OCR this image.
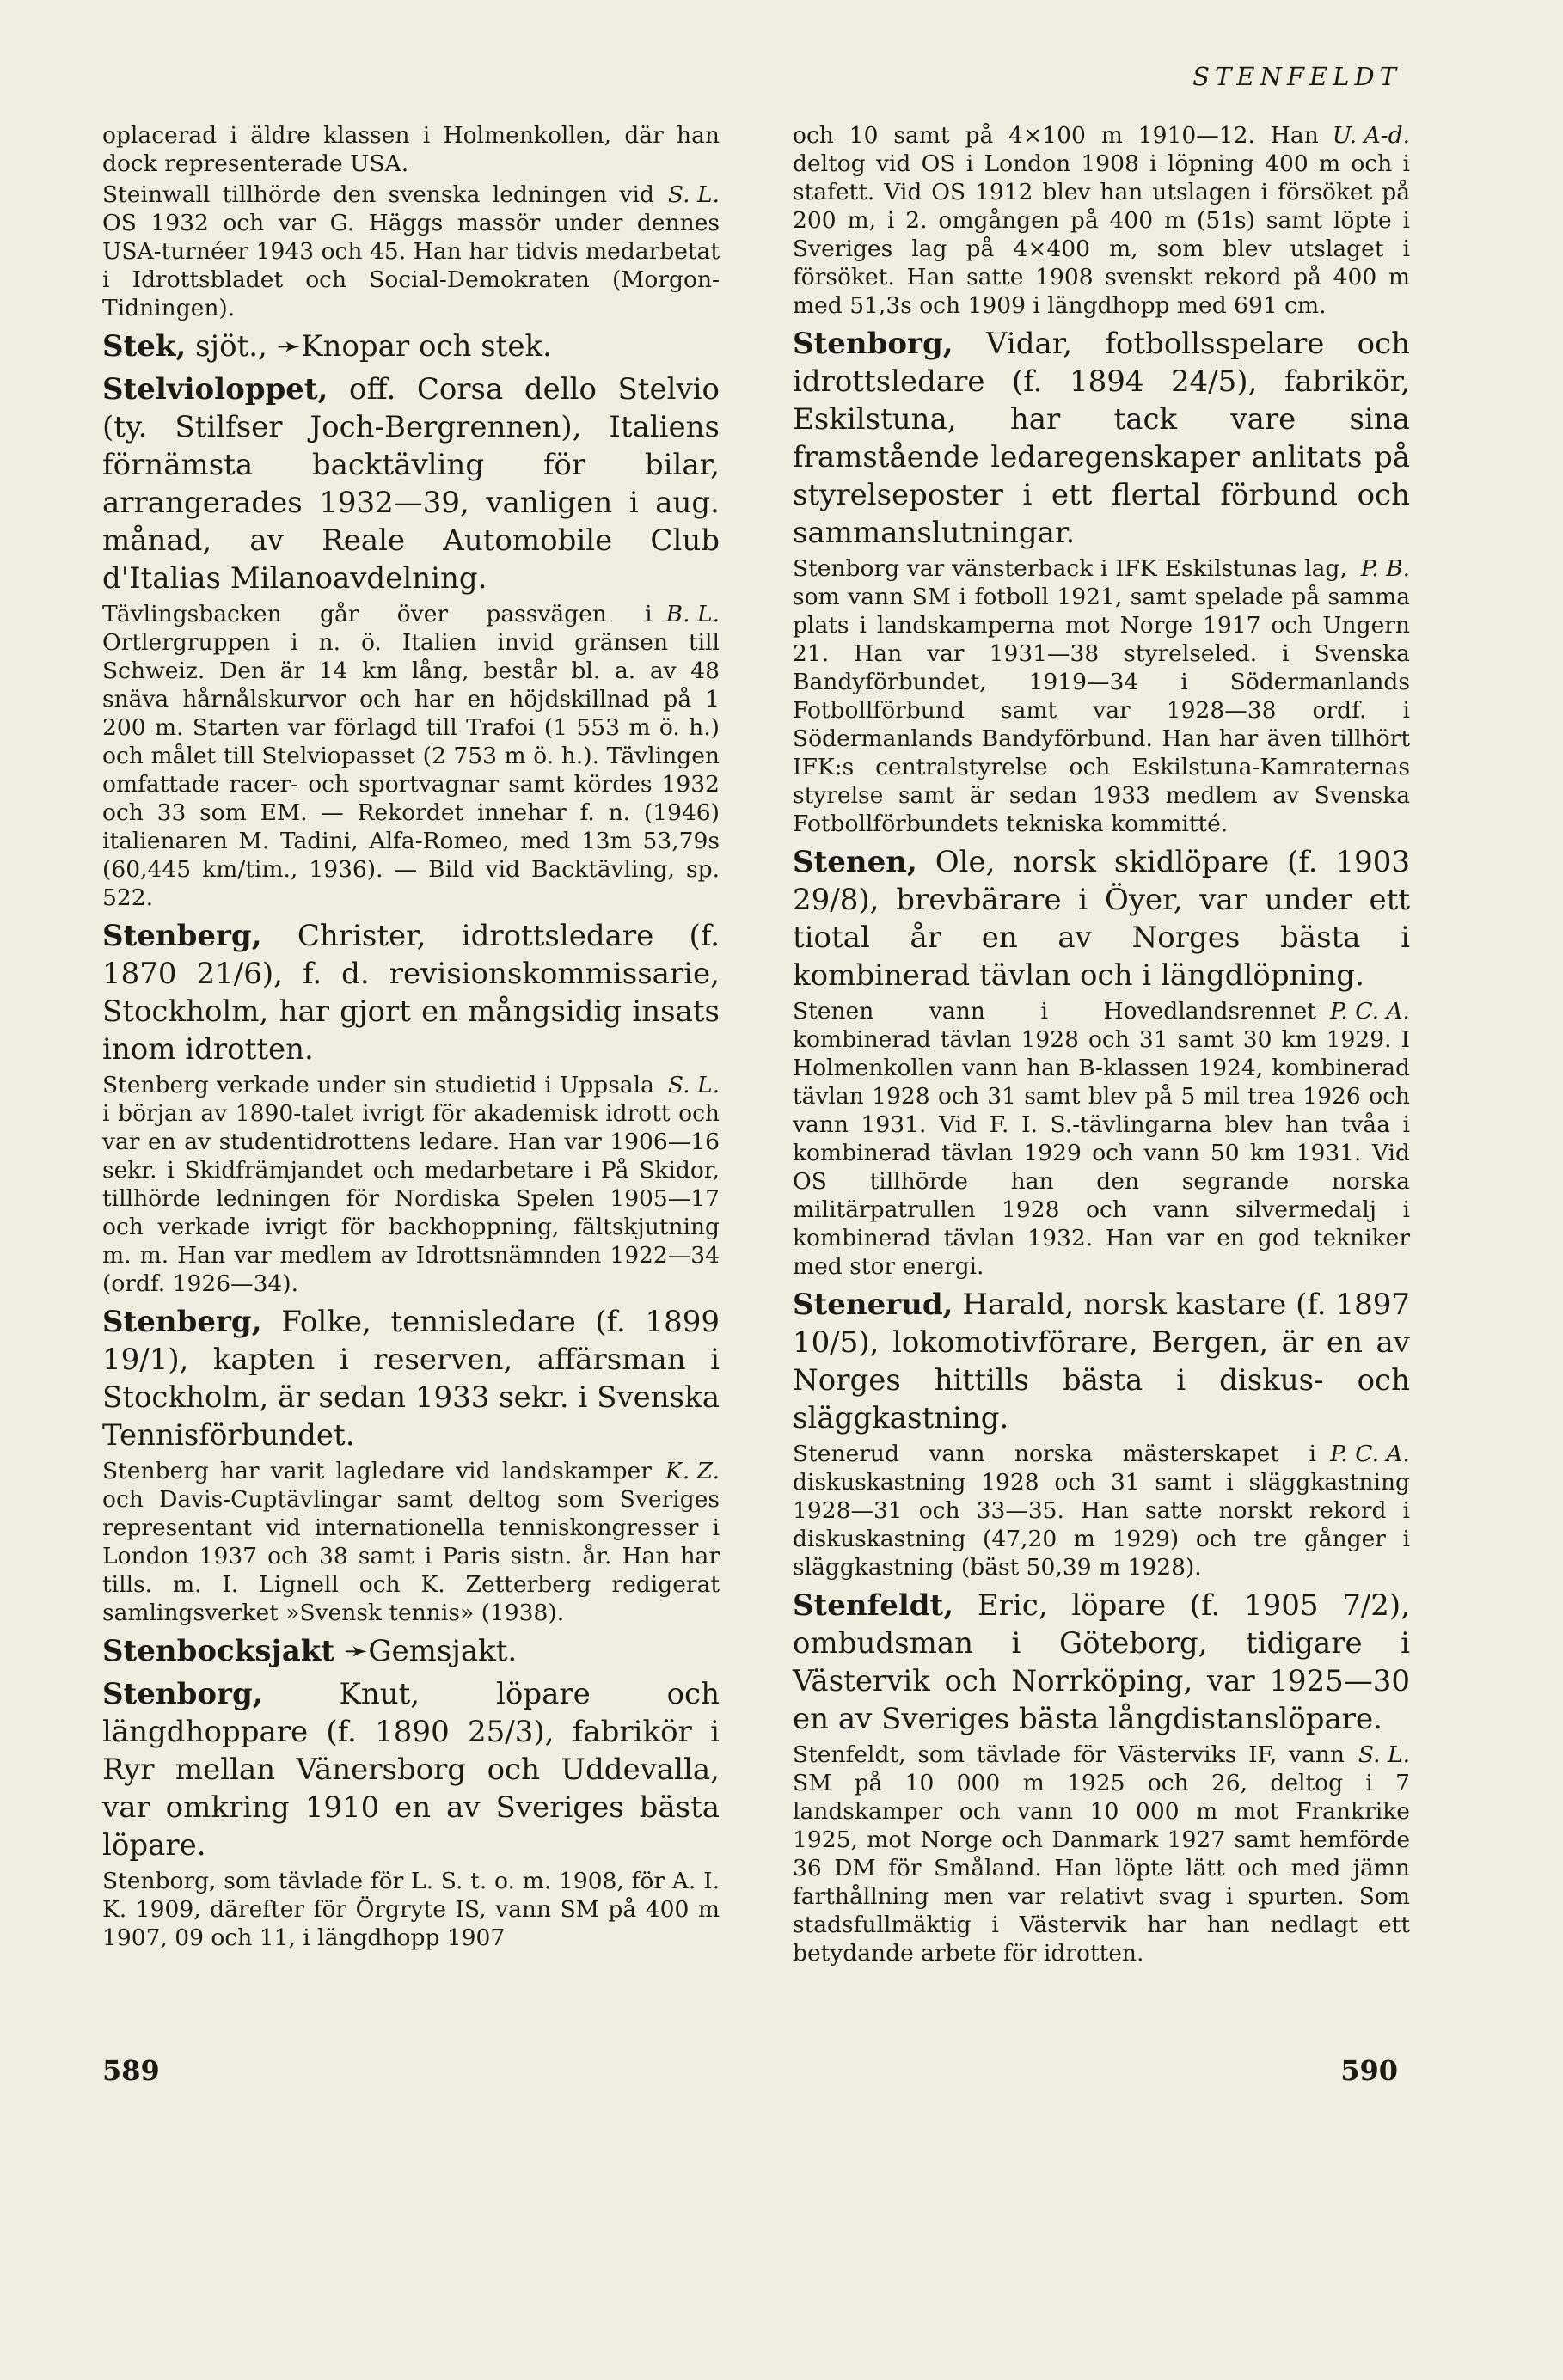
STENFELDT

oplacerad i äldre klassen i Holmenkollen, där han dock representerade USA.

S. L.
Steinwall tillhörde den svenska ledningen vid OS 1932 och var G. Häggs massör under dennes USA-turnéer 1943 och 45. Han har tidvis medarbetat i Idrottsbladet och Social-Demokraten (Morgon-Tidningen).

Stek, sjöt., ➛Knopar och stek.

Stelvioloppet, off. Corsa dello Stelvio (ty. Stilfser Joch-Bergrennen), Italiens förnämsta backtävling för bilar, arrangerades 1932—39, vanligen i aug. månad, av Reale Automobile Club d'Italias Milanoavdelning.

B. L.
Tävlingsbacken går över passvägen i Ortlergruppen i n. ö. Italien invid gränsen till Schweiz. Den är 14 km lång, består bl. a. av 48 snäva hårnålskurvor och har en höjdskillnad på 1 200 m. Starten var förlagd till Trafoi (1 553 m ö. h.) och målet till Stelviopasset (2 753 m ö. h.). Tävlingen omfattade racer- och sportvagnar samt kördes 1932 och 33 som EM. — Rekordet innehar f. n. (1946) italienaren M. Tadini, Alfa-Romeo, med 13m 53,79s (60,445 km/tim., 1936). — Bild vid Backtävling, sp. 522.

Stenberg, Christer, idrottsledare (f. 1870 21/6), f. d. revisionskommissarie, Stockholm, har gjort en mångsidig insats inom idrotten.

S. L.
Stenberg verkade under sin studietid i Uppsala i början av 1890-talet ivrigt för akademisk idrott och var en av studentidrottens ledare. Han var 1906—16 sekr. i Skidfrämjandet och medarbetare i På Skidor, tillhörde ledningen för Nordiska Spelen 1905—17 och verkade ivrigt för backhoppning, fältskjutning m. m. Han var medlem av Idrottsnämnden 1922—34 (ordf. 1926—34).

Stenberg, Folke, tennisledare (f. 1899 19/1), kapten i reserven, affärsman i Stockholm, är sedan 1933 sekr. i Svenska Tennisförbundet.

K. Z.
Stenberg har varit lagledare vid landskamper och Davis-Cuptävlingar samt deltog som Sveriges representant vid internationella tenniskongresser i London 1937 och 38 samt i Paris sistn. år. Han har tills. m. I. Lignell och K. Zetterberg redigerat samlingsverket »Svensk tennis» (1938).

Stenbocksjakt ➛Gemsjakt.

Stenborg,	Knut, löpare och längdhoppare (f. 1890 25/3), fabrikör i Ryr mellan Vänersborg och Uddevalla, var omkring 1910 en av Sveriges bästa löpare.

Stenborg, som tävlade för L. S. t. o. m. 1908, för A. I. K. 1909, därefter för Örgryte IS, vann SM på 400 m 1907, 09 och 11, i längdhopp 1907

U. A-d.
och 10 samt på 4×100 m 1910—12. Han deltog vid OS i London 1908 i löpning 400 m och i stafett. Vid OS 1912 blev han utslagen i försöket på 200 m, i 2. omgången på 400 m (51s) samt löpte i Sveriges lag på 4×400 m, som blev utslaget i försöket. Han satte 1908 svenskt rekord på 400 m med 51,3s och 1909 i längdhopp med 691 cm.

Stenborg, Vidar, fotbollsspelare och idrottsledare (f. 1894 24/5), fabrikör, Eskilstuna, har tack vare sina framstående ledaregenskaper anlitats på styrelseposter i ett flertal förbund och sammanslutningar.

P. B.
Stenborg var vänsterback i IFK Eskilstunas lag, som vann SM i fotboll 1921, samt spelade på samma plats i landskamperna mot Norge 1917 och Ungern 21. Han var 1931—38 styrelseled. i Svenska Bandyförbundet, 1919—34 i Södermanlands Fotbollförbund samt var 1928—38 ordf. i Södermanlands Bandyförbund. Han har även tillhört IFK:s centralstyrelse och Eskilstuna-Kamraternas styrelse samt är sedan 1933 medlem av Svenska Fotbollförbundets tekniska kommitté.

Stenen, Ole, norsk skidlöpare (f. 1903 29/8), brevbärare i Öyer, var under ett tiotal år en av Norges bästa i kombinerad tävlan och i längdlöpning.

P. C. A.
Stenen vann i Hovedlandsrennet kombinerad tävlan 1928 och 31 samt 30 km 1929. I Holmenkollen vann han B-klassen 1924, kombinerad tävlan 1928 och 31 samt blev på 5 mil trea 1926 och vann 1931. Vid F. I. S.-tävlingarna blev han tvåa i kombinerad tävlan 1929 och vann 50 km 1931. Vid OS tillhörde han den segrande norska militärpatrullen 1928 och vann silvermedalj i kombinerad tävlan 1932. Han var en god tekniker med stor energi.

Stenerud, Harald, norsk kastare (f. 1897 10/5), lokomotivförare, Bergen, är en av Norges hittills bästa i diskus- och släggkastning.

P. C. A.
Stenerud vann norska mästerskapet i diskuskastning 1928 och 31 samt i släggkastning 1928—31 och 33—35. Han satte norskt rekord i diskuskastning (47,20 m 1929) och tre gånger i släggkastning (bäst 50,39 m 1928).

Stenfeldt, Eric, löpare (f. 1905 7/2), ombudsman i Göteborg, tidigare i Västervik och Norrköping, var 1925—30 en av Sveriges bästa långdistanslöpare.

S. L.
Stenfeldt, som tävlade för Västerviks IF, vann SM på 10 000 m 1925 och 26, deltog i 7 landskamper och vann 10 000 m mot Frankrike 1925, mot Norge och Danmark 1927 samt hemförde 36 DM för Småland. Han löpte lätt och med jämn farthållning men var relativt svag i spurten. Som stadsfullmäktig i Västervik har han nedlagt ett betydande arbete för idrotten.

589	590
